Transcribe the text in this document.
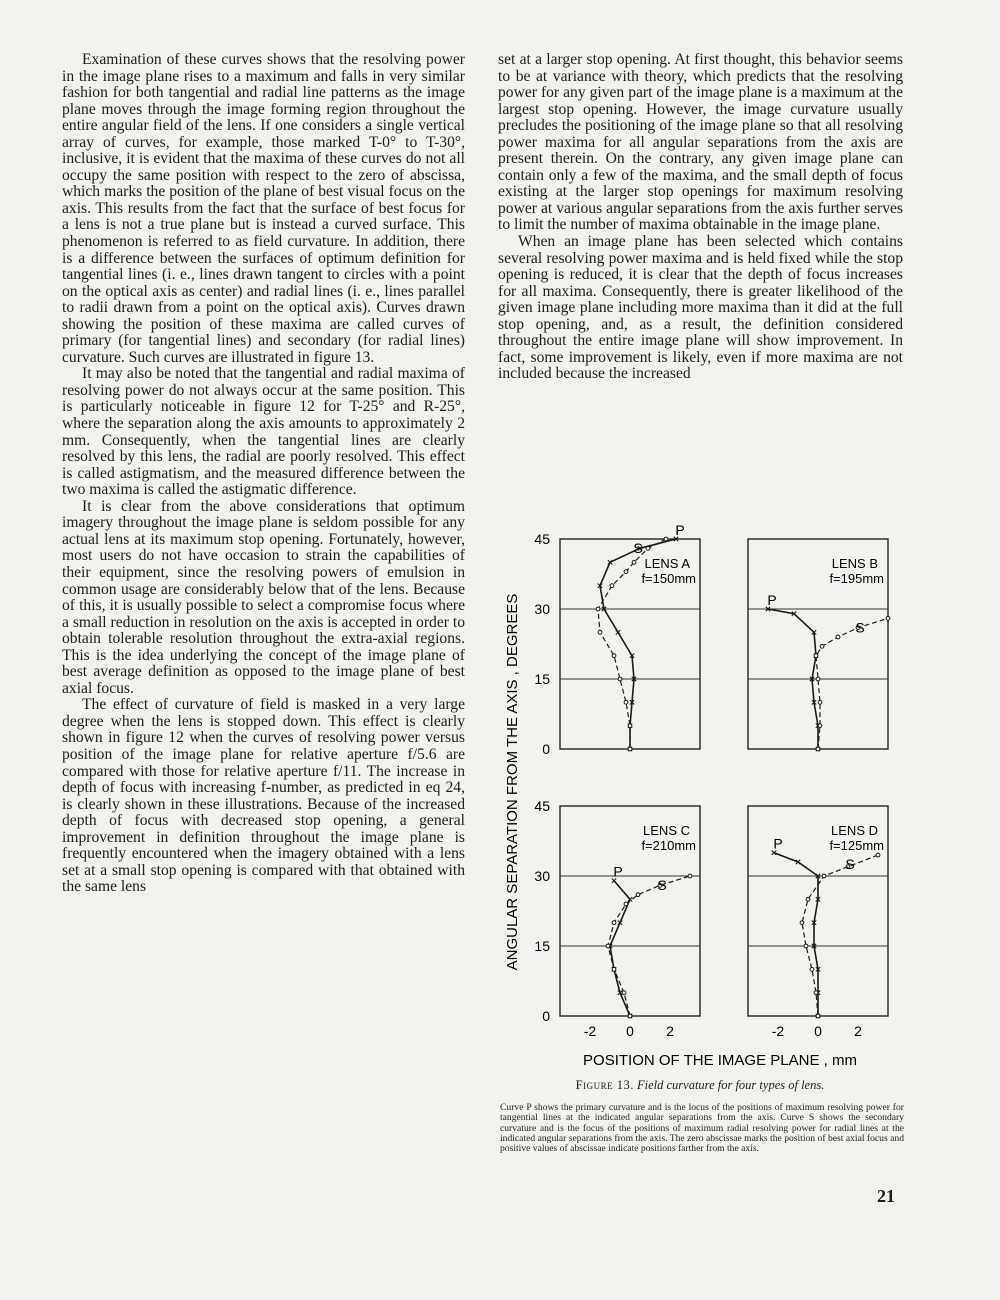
Examination of these curves shows that the resolving power in the image plane rises to a maximum and falls in very similar fashion for both tangential and radial line patterns as the image plane moves through the image forming region throughout the entire angular field of the lens. If one considers a single vertical array of curves, for example, those marked T-0° to T-30°, inclusive, it is evident that the maxima of these curves do not all occupy the same position with respect to the zero of abscissa, which marks the position of the plane of best visual focus on the axis. This results from the fact that the surface of best focus for a lens is not a true plane but is instead a curved surface. This phenomenon is referred to as field curvature. In addition, there is a difference between the surfaces of optimum definition for tangential lines (i. e., lines drawn tangent to circles with a point on the optical axis as center) and radial lines (i. e., lines parallel to radii drawn from a point on the optical axis). Curves drawn showing the position of these maxima are called curves of primary (for tangential lines) and secondary (for radial lines) curvature. Such curves are illustrated in figure 13.

It may also be noted that the tangential and radial maxima of resolving power do not always occur at the same position. This is particularly noticeable in figure 12 for T-25° and R-25°, where the separation along the axis amounts to approximately 2 mm. Consequently, when the tangential lines are clearly resolved by this lens, the radial are poorly resolved. This effect is called astigmatism, and the measured difference between the two maxima is called the astigmatic difference.

It is clear from the above considerations that optimum imagery throughout the image plane is seldom possible for any actual lens at its maximum stop opening. Fortunately, however, most users do not have occasion to strain the capabilities of their equipment, since the resolving powers of emulsion in common usage are considerably below that of the lens. Because of this, it is usually possible to select a compromise focus where a small reduction in resolution on the axis is accepted in order to obtain tolerable resolution throughout the extra-axial regions. This is the idea underlying the concept of the image plane of best average definition as opposed to the image plane of best axial focus.

The effect of curvature of field is masked in a very large degree when the lens is stopped down. This effect is clearly shown in figure 12 when the curves of resolving power versus position of the image plane for relative aperture f/5.6 are compared with those for relative aperture f/11. The increase in depth of focus with increasing f-number, as predicted in eq 24, is clearly shown in these illustrations. Because of the increased depth of focus with decreased stop opening, a general improvement in definition throughout the image plane is frequently encountered when the imagery obtained with a lens set at a small stop opening is compared with that obtained with the same lens

set at a larger stop opening. At first thought, this behavior seems to be at variance with theory, which predicts that the resolving power for any given part of the image plane is a maximum at the largest stop opening. However, the image curvature usually precludes the positioning of the image plane so that all resolving power maxima for all angular separations from the axis are present therein. On the contrary, any given image plane can contain only a few of the maxima, and the small depth of focus existing at the larger stop openings for maximum resolving power at various angular separations from the axis further serves to limit the number of maxima obtainable in the image plane.

When an image plane has been selected which contains several resolving power maxima and is held fixed while the stop opening is reduced, it is clear that the depth of focus increases for all maxima. Consequently, there is greater likelihood of the given image plane including more maxima than it did at the full stop opening, and, as a result, the definition considered throughout the entire image plane will show improvement. In fact, some improvement is likely, even if more maxima are not included because the increased

0
15
30
45
LENS A
f=150mm
P
S
LENS B
f=195mm
P
S
0
15
30
45
-2 0 2
LENS C
f=210mm
P
S
-2 0 2
LENS D
f=125mm
P
S
ANGULAR SEPARATION FROM THE AXIS , DEGREES
POSITION OF THE IMAGE PLANE , mm
Figure 13. Field curvature for four types of lens.
Curve P shows the primary curvature and is the locus of the positions of maximum resolving power for tangential lines at the indicated angular separations from the axis. Curve S shows the secondary curvature and is the focus of the positions of maximum radial resolving power for radial lines at the indicated angular separations from the axis. The zero abscissae marks the position of best axial focus and positive values of abscissae indicate positions farther from the axis.
21
